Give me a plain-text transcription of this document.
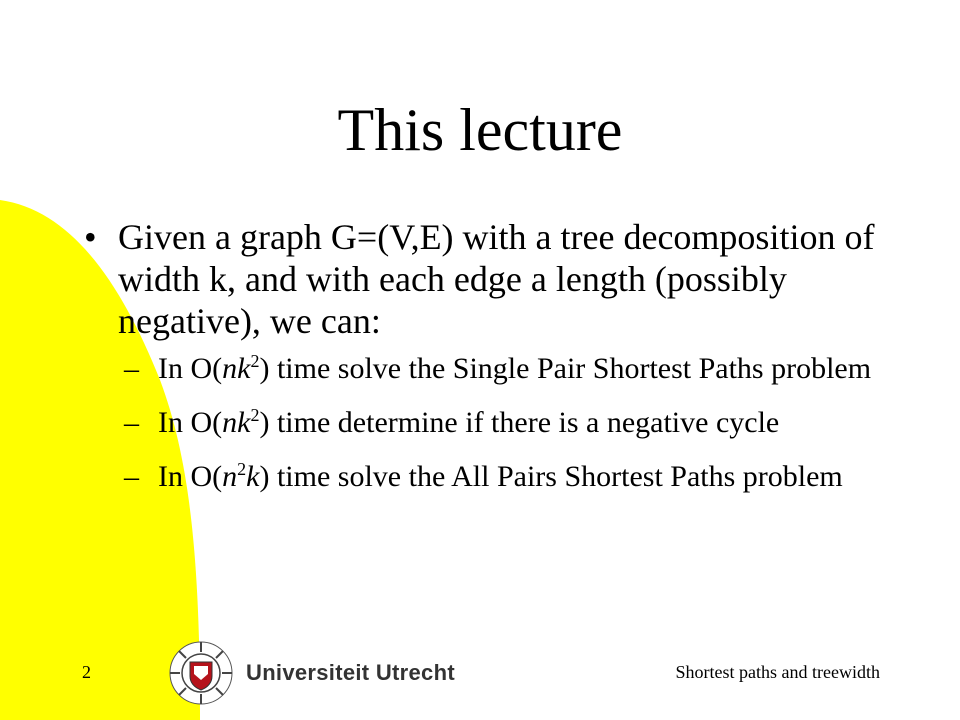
This lecture
• Given a graph G=(V,E) with a tree decomposition of width k, and with each edge a length (possibly negative), we can:
– In $O(nk^2)$ time solve the Single Pair Shortest Paths problem
– In $O(nk^2)$ time determine if there is a negative cycle
– In $O(n^2k)$ time solve the All Pairs Shortest Paths problem
2	Universiteit Utrecht	Shortest paths and treewidth
